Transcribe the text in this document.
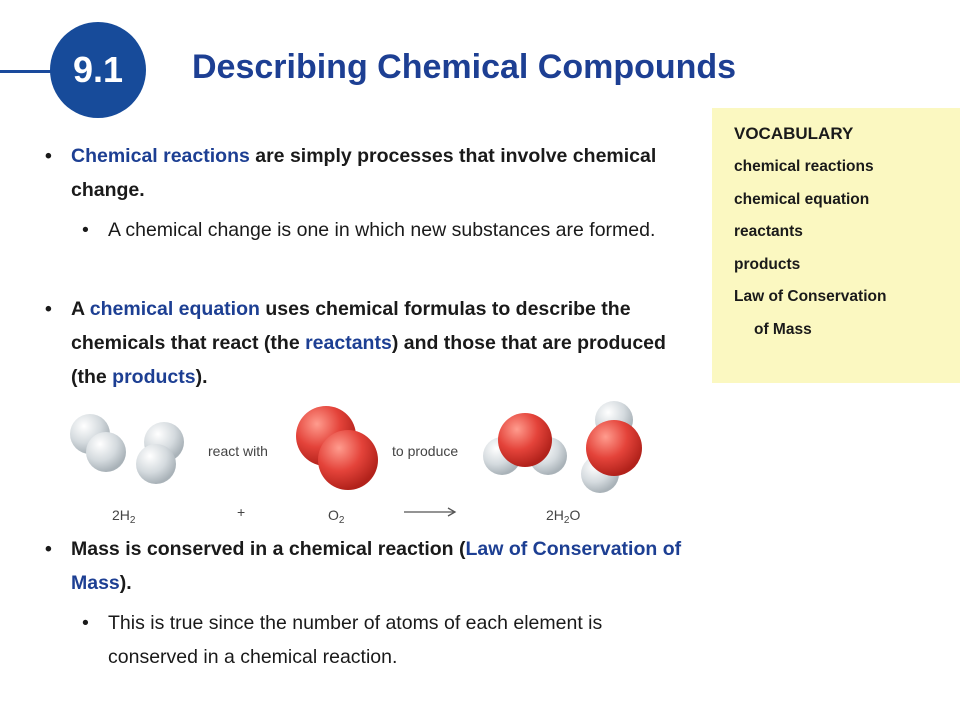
9.1	Describing Chemical Compounds
VOCABULARY
chemical reactions
chemical equation
reactants
products
Law of Conservation
of Mass
• Chemical reactions are simply processes that involve chemical change.
• A chemical change is one in which new substances are formed.
• A chemical equation uses chemical formulas to describe the chemicals that react (the reactants) and those that are produced (the products).
react with	to produce
$2H_2$
+	$O_2$	$2H_2O$
• Mass is conserved in a chemical reaction (Law of Conservation of Mass).
• This is true since the number of atoms of each element is conserved in a chemical reaction.
